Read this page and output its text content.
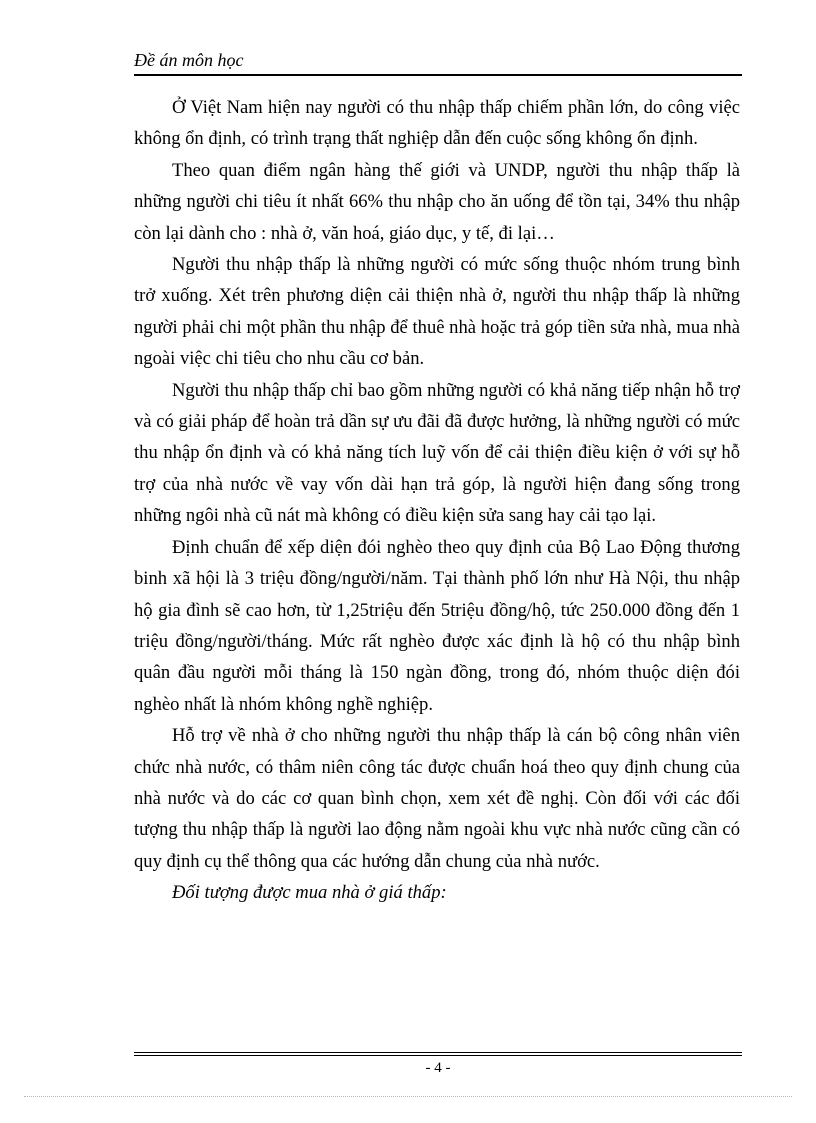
Đề án môn học

Ở Việt Nam hiện nay người có thu nhập thấp chiếm phần lớn, do công việc không ổn định, có trình trạng thất nghiệp dẫn đến cuộc sống không ổn định.

Theo quan điểm ngân hàng thế giới và UNDP, người thu nhập thấp là những người chi tiêu ít nhất 66% thu nhập cho ăn uống để tồn tại, 34% thu nhập còn lại dành cho : nhà ở, văn hoá, giáo dục, y tế, đi lại…

Người thu nhập thấp là những người có mức sống thuộc nhóm trung bình trở xuống. Xét trên phương diện cải thiện nhà ở, người thu nhập thấp là những người phải chi một phần thu nhập để thuê nhà hoặc trả góp tiền sửa nhà, mua nhà ngoài việc chi tiêu cho nhu cầu cơ bản.

Người thu nhập thấp chỉ bao gồm những người có khả năng tiếp nhận hỗ trợ và có giải pháp để hoàn trả dần sự ưu đãi đã được hưởng, là những người có mức thu nhập ổn định và có khả năng tích luỹ vốn để cải thiện điều kiện ở với sự hỗ trợ của nhà nước về vay vốn dài hạn trả góp, là người hiện đang sống trong những ngôi nhà cũ nát mà không có điều kiện sửa sang hay cải tạo lại.

Định chuẩn để xếp diện đói nghèo theo quy định của Bộ Lao Động thương binh xã hội là 3 triệu đồng/người/năm. Tại thành phố lớn như Hà Nội, thu nhập hộ gia đình sẽ cao hơn, từ 1,25triệu đến 5triệu đồng/hộ, tức 250.000 đồng đến 1 triệu đồng/người/tháng. Mức rất nghèo được xác định là hộ có thu nhập bình quân đầu người mỗi tháng là 150 ngàn đồng, trong đó, nhóm thuộc diện đói nghèo nhất là nhóm không nghề nghiệp.

Hỗ trợ về nhà ở cho những người thu nhập thấp là cán bộ công nhân viên chức nhà nước, có thâm niên công tác được chuẩn hoá theo quy định chung của nhà nước và do các cơ quan bình chọn, xem xét đề nghị. Còn đối với các đối tượng thu nhập thấp là người lao động nằm ngoài khu vực nhà nước cũng cần có quy định cụ thể thông qua các hướng dẫn chung của nhà nước.

Đối tượng được mua nhà ở giá thấp:

- 4 -
